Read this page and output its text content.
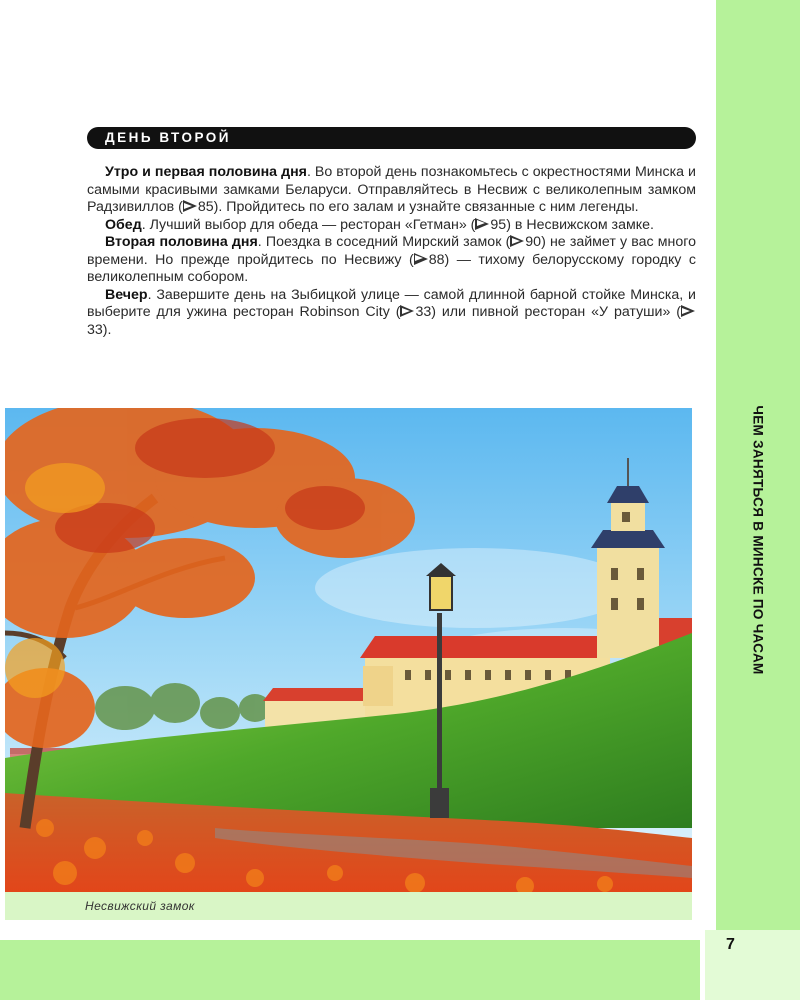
ЧЕМ ЗАНЯТЬСЯ В МИНСКЕ ПО ЧАСАМ
7
ДЕНЬ ВТОРОЙ

Утро и первая половина дня. Во второй день познакомьтесь с окрестностями Минска и самыми красивыми замками Беларуси. Отправляйтесь в Несвиж с великолепным замком Радзивиллов ( 85). Пройдитесь по его залам и узнайте связанные с ним легенды.

Обед. Лучший выбор для обеда — ресторан «Гетман» ( 95) в Несвижском замке.

Вторая половина дня. Поездка в соседний Мирский замок ( 90) не займет у вас много времени. Но прежде пройдитесь по Несвижу ( 88) — тихому белорусскому городку с великолепным собором.

Вечер. Завершите день на Зыбицкой улице — самой длинной барной стойке Минска, и выберите для ужина ресторан Robinson City ( 33) или пивной ресторан «У ратуши» (33).

Несвижский замок
